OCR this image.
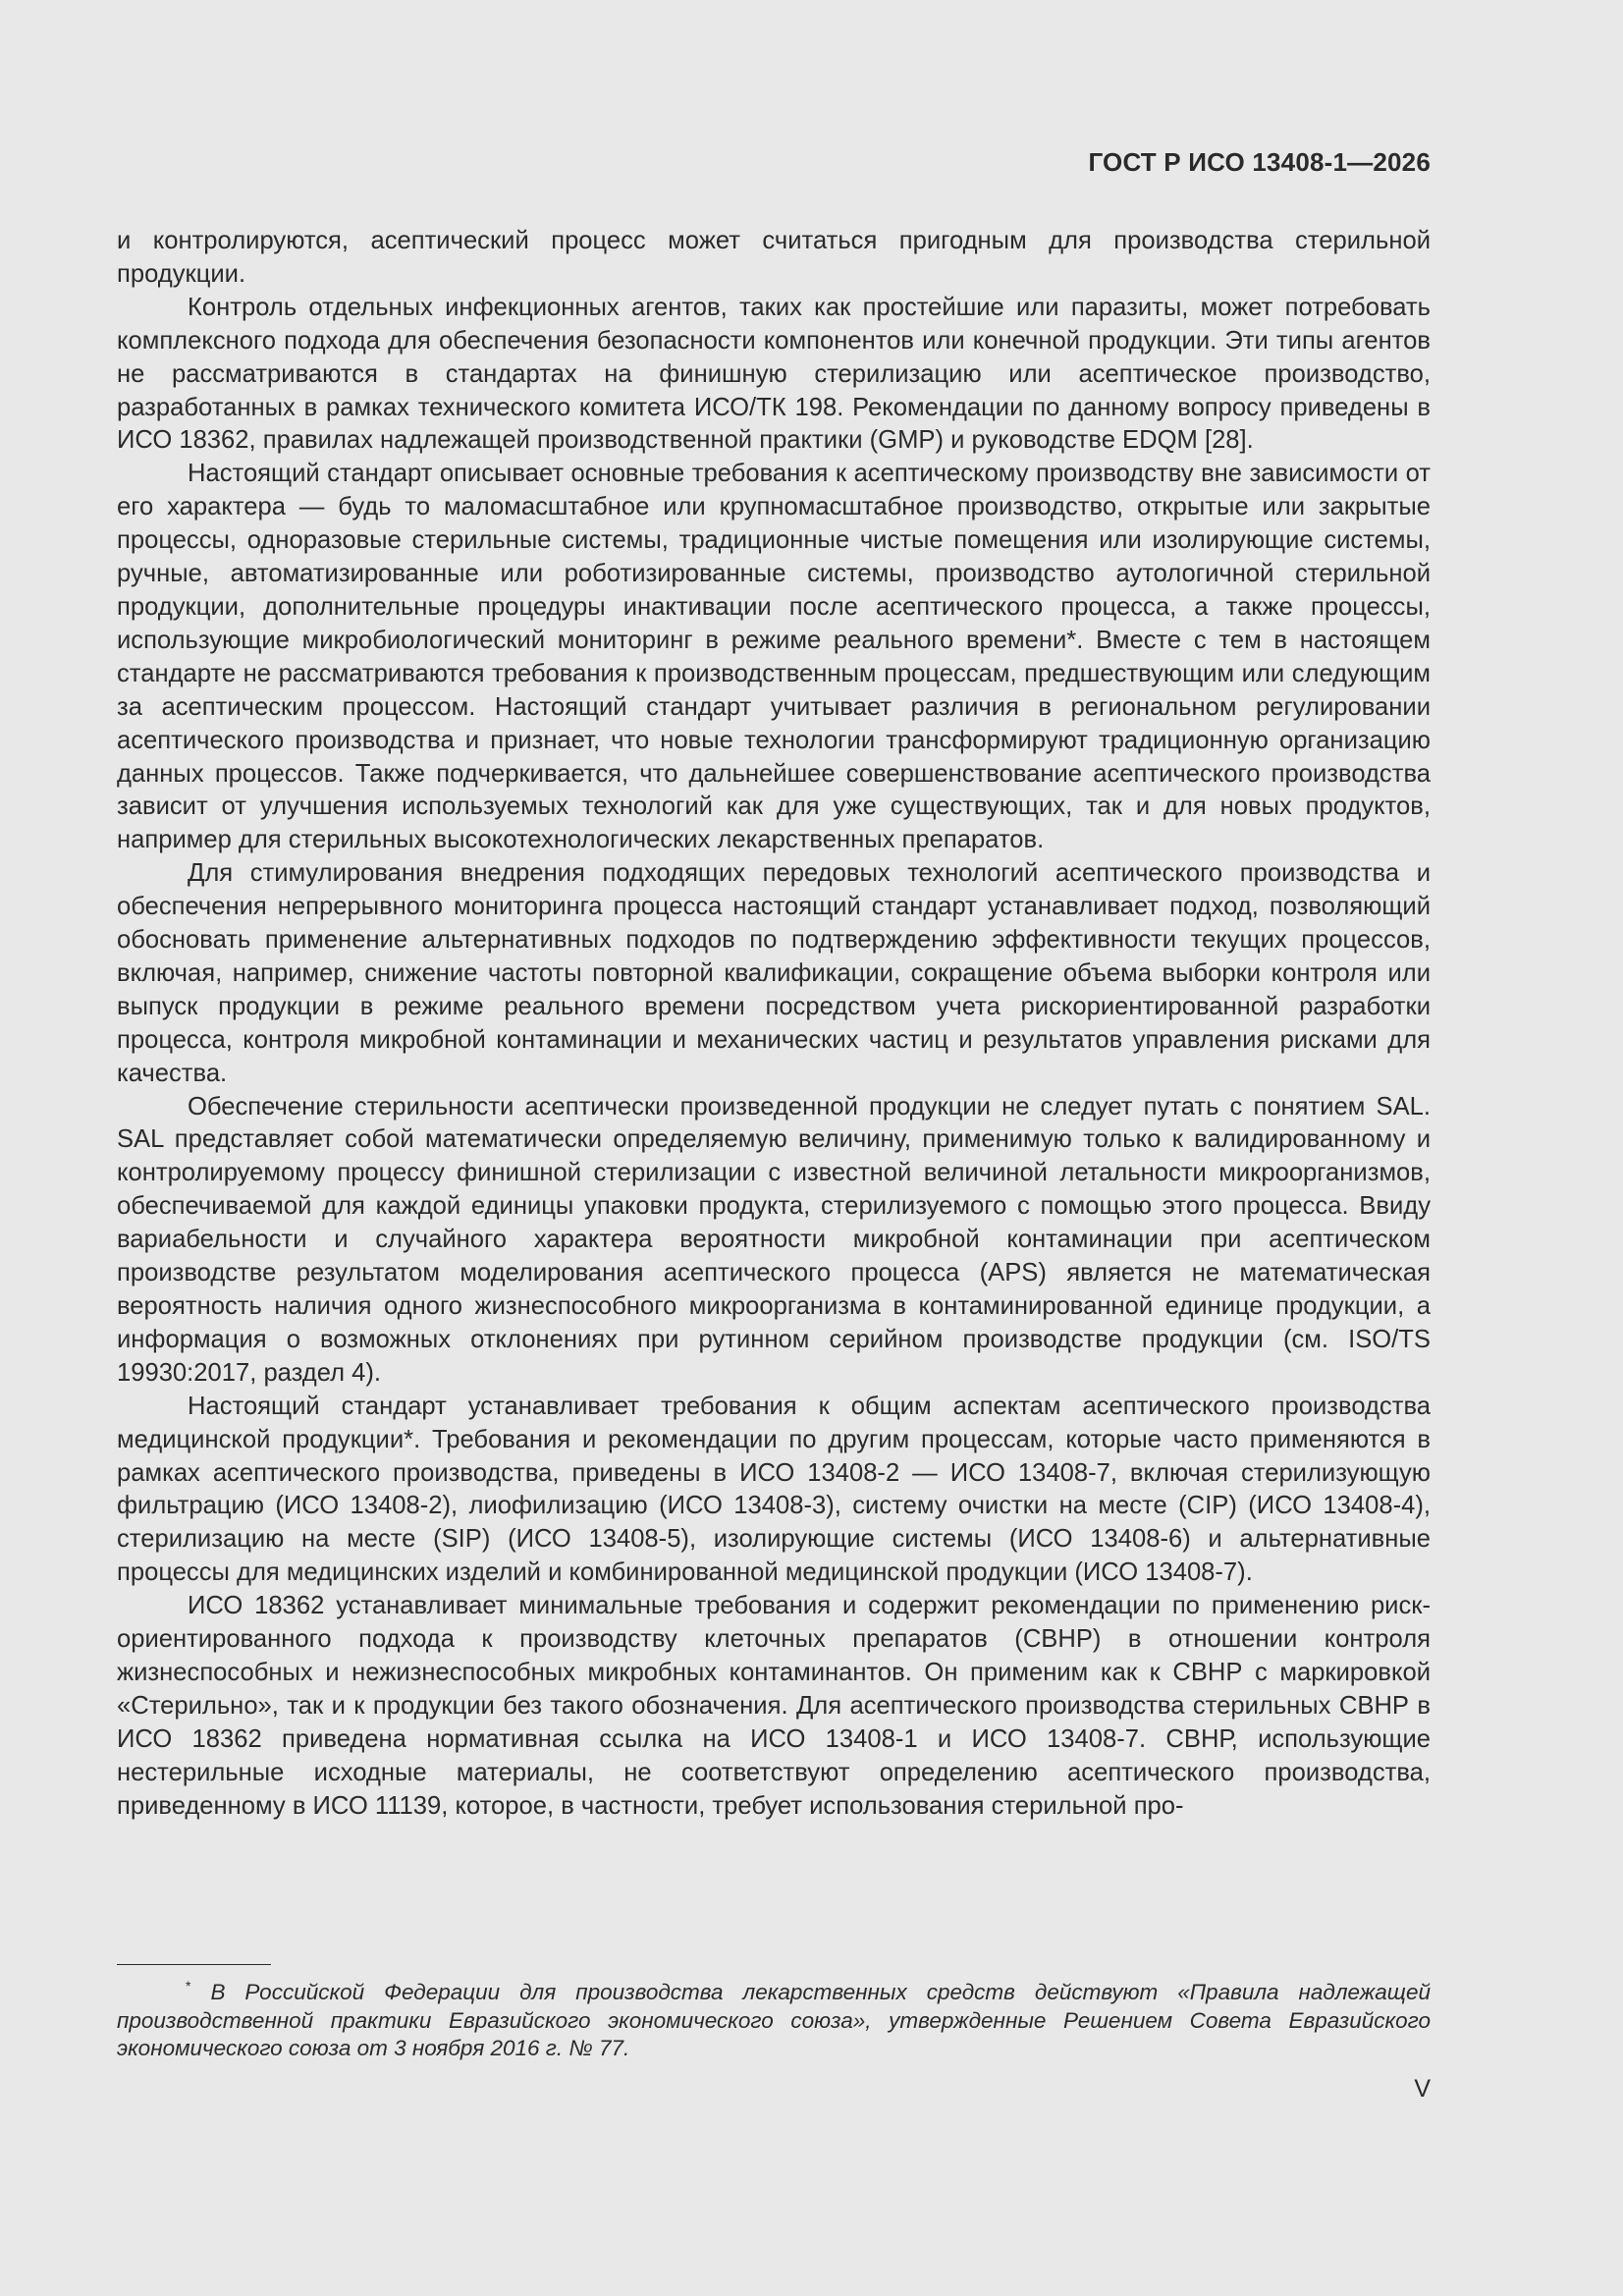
ГОСТ Р ИСО 13408-1—2026

и контролируются, асептический процесс может считаться пригодным для производства стерильной продукции.

Контроль отдельных инфекционных агентов, таких как простейшие или паразиты, может потребовать комплексного подхода для обеспечения безопасности компонентов или конечной продукции. Эти типы агентов не рассматриваются в стандартах на финишную стерилизацию или асептическое производство, разработанных в рамках технического комитета ИСО/ТК 198. Рекомендации по данному вопросу приведены в ИСО 18362, правилах надлежащей производственной практики (GMP) и руководстве EDQM [28].

Настоящий стандарт описывает основные требования к асептическому производству вне зависимости от его характера — будь то маломасштабное или крупномасштабное производство, открытые или закрытые процессы, одноразовые стерильные системы, традиционные чистые помещения или изолирующие системы, ручные, автоматизированные или роботизированные системы, производство аутологичной стерильной продукции, дополнительные процедуры инактивации после асептического процесса, а также процессы, использующие микробиологический мониторинг в режиме реального времени*. Вместе с тем в настоящем стандарте не рассматриваются требования к производственным процессам, предшествующим или следующим за асептическим процессом. Настоящий стандарт учитывает различия в региональном регулировании асептического производства и признает, что новые технологии трансформируют традиционную организацию данных процессов. Также подчеркивается, что дальнейшее совершенствование асептического производства зависит от улучшения используемых технологий как для уже существующих, так и для новых продуктов, например для стерильных высокотехнологических лекарственных препаратов.

Для стимулирования внедрения подходящих передовых технологий асептического производства и обеспечения непрерывного мониторинга процесса настоящий стандарт устанавливает подход, позволяющий обосновать применение альтернативных подходов по подтверждению эффективности текущих процессов, включая, например, снижение частоты повторной квалификации, сокращение объема выборки контроля или выпуск продукции в режиме реального времени посредством учета рискориентированной разработки процесса, контроля микробной контаминации и механических частиц и результатов управления рисками для качества.

Обеспечение стерильности асептически произведенной продукции не следует путать с понятием SAL. SAL представляет собой математически определяемую величину, применимую только к валидированному и контролируемому процессу финишной стерилизации с известной величиной летальности микроорганизмов, обеспечиваемой для каждой единицы упаковки продукта, стерилизуемого с помощью этого процесса. Ввиду вариабельности и случайного характера вероятности микробной контаминации при асептическом производстве результатом моделирования асептического процесса (APS) является не математическая вероятность наличия одного жизнеспособного микроорганизма в контаминированной единице продукции, а информация о возможных отклонениях при рутинном серийном производстве продукции (см. ISO/TS 19930:2017, раздел 4).

Настоящий стандарт устанавливает требования к общим аспектам асептического производства медицинской продукции*. Требования и рекомендации по другим процессам, которые часто применяются в рамках асептического производства, приведены в ИСО 13408-2 — ИСО 13408-7, включая стерилизующую фильтрацию (ИСО 13408-2), лиофилизацию (ИСО 13408-3), систему очистки на месте (CIP) (ИСО 13408-4), стерилизацию на месте (SIP) (ИСО 13408-5), изолирующие системы (ИСО 13408-6) и альтернативные процессы для медицинских изделий и комбинированной медицинской продукции (ИСО 13408-7).

ИСО 18362 устанавливает минимальные требования и содержит рекомендации по применению риск-ориентированного подхода к производству клеточных препаратов (СВНР) в отношении контроля жизнеспособных и нежизнеспособных микробных контаминантов. Он применим как к СВНР с маркировкой «Стерильно», так и к продукции без такого обозначения. Для асептического производства стерильных СВНР в ИСО 18362 приведена нормативная ссылка на ИСО 13408-1 и ИСО 13408-7. СВНР, использующие нестерильные исходные материалы, не соответствуют определению асептического производства, приведенному в ИСО 11139, которое, в частности, требует использования стерильной про-

* В Российской Федерации для производства лекарственных средств действуют «Правила надлежащей производственной практики Евразийского экономического союза», утвержденные Решением Совета Евразийского экономического союза от 3 ноября 2016 г. № 77.
V
